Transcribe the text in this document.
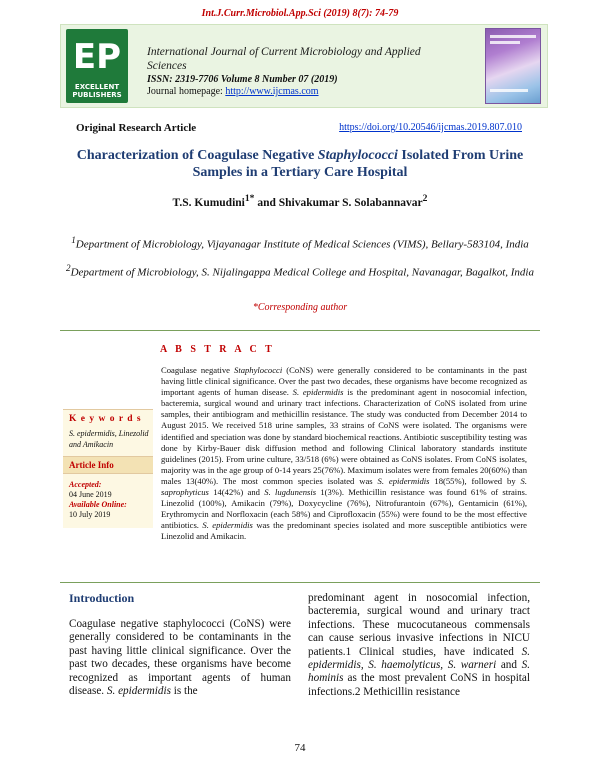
Int.J.Curr.Microbiol.App.Sci (2019) 8(7): 74-79
EP
EXCELLENT
PUBLISHERS
International Journal of Current Microbiology and Applied Sciences
ISSN: 2319-7706 Volume 8 Number 07 (2019)
Journal homepage: http://www.ijcmas.com
Original Research Article	https://doi.org/10.20546/ijcmas.2019.807.010
Characterization of Coagulase Negative Staphylococci Isolated From Urine Samples in a Tertiary Care Hospital
T.S. Kumudini$^{1*}$ and Shivakumar S. Solabannavar$^2$
$^1$Department of Microbiology, Vijayanagar Institute of Medical Sciences (VIMS), Bellary-583104, India
$^2$Department of Microbiology, S. Nijalingappa Medical College and Hospital, Navanagar, Bagalkot, India
*Corresponding author
A B S T R A C T
Coagulase negative Staphylococci (CoNS) were generally considered to be contaminants in the past having little clinical significance. Over the past two decades, these organisms have become recognized as important agents of human disease. S. epidermidis is the predominant agent in nosocomial infection, bacteremia, surgical wound and urinary tract infections. Characterization of CoNS isolated from urine samples, their antibiogram and methicillin resistance. The study was conducted from December 2014 to August 2015. We received 518 urine samples, 33 strains of CoNS were isolated. The organisms were identified and speciation was done by standard biochemical reactions. Antibiotic susceptibility testing was done by Kirby-Bauer disk diffusion method and following Clinical laboratory standards institute guidelines (2015). From urine culture, 33/518 (6%) were obtained as CoNS isolates. From CoNS isolates, majority was in the age group of 0-14 years 25(76%). Maximum isolates were from females 20(60%) than males 13(40%). The most common species isolated was S. epidermidis 18(55%), followed by S. saprophyticus 14(42%) and S. lugdunensis 1(3%). Methicillin resistance was found 61% of strains. Linezolid (100%), Amikacin (79%), Doxycycline (76%), Nitrofurantoin (67%), Gentamicin (61%), Erythromycin and Norfloxacin (each 58%) and Ciprofloxacin (55%) were found to be the most effective antibiotics. S. epidermidis was the predominant species isolated and more susceptible antibiotics were Linezolid and Amikacin.
K e y w o r d s
S. epidermidis, Linezolid and Amikacin
Article Info
Accepted:
04 June 2019
Available Online:
10 July 2019
Introduction
Coagulase negative staphylococci (CoNS) were generally considered to be contaminants in the past having little clinical significance. Over the past two decades, these organisms have become recognized as important agents of human disease. S. epidermidis is the
predominant agent in nosocomial infection, bacteremia, surgical wound and urinary tract infections. These mucocutaneous commensals can cause serious invasive infections in NICU patients.1 Clinical studies, have indicated S. epidermidis, S. haemolyticus, S. warneri and S. hominis as the most prevalent CoNS in hospital infections.2 Methicillin resistance
74
